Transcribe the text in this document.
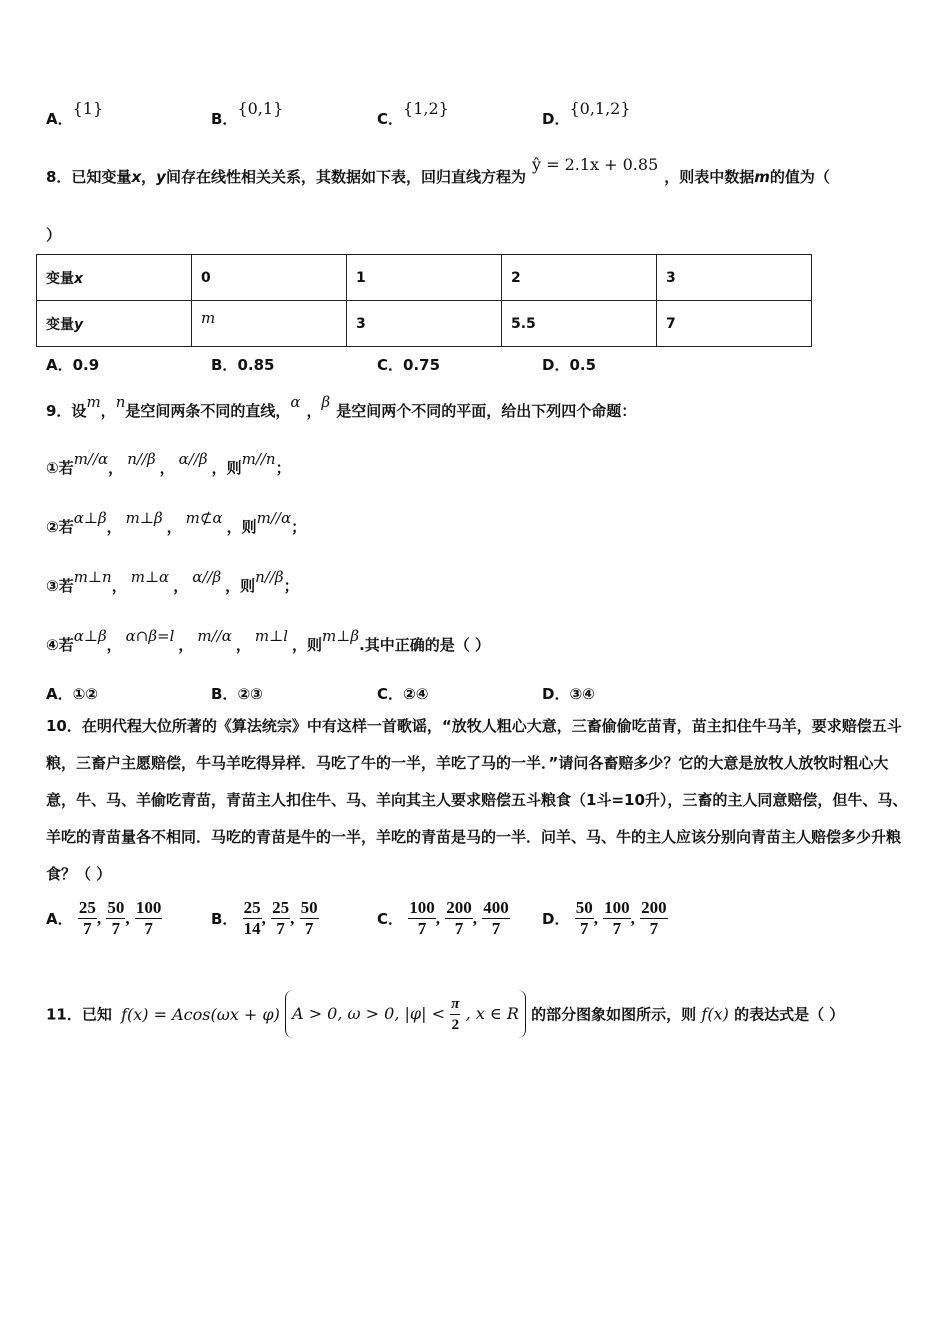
A．{1}
B．{0,1}
C．{1,2}
D．{0,1,2}
8．已知变量x，y间存在线性相关关系，其数据如下表，回归直线方程为ŷ = 2.1x + 0.85，则表中数据m的值为（
）
变量x	0	1	2	3
变量y	m	3	5.5	7
A．0.9	B．0.85	C．0.75	D．0.5
9．设m，n是空间两条不同的直线，α ，β 是空间两个不同的平面，给出下列四个命题：
①若m//α， n//β ， α//β ，则m//n；
②若α⊥β， m⊥β ， m⊄α ，则m//α；
③若m⊥n， m⊥α ， α//β ，则n//β；
④若α⊥β， α∩β=l ， m//α ， m⊥l ，则m⊥β.其中正确的是（ ）
A．①②	B．②③	C．②④	D．③④
10．在明代程大位所著的《算法统宗》中有这样一首歌谣，“放牧人粗心大意，三畜偷偷吃苗青，苗主扣住牛马羊，要求赔偿五斗粮，三畜户主愿赔偿，牛马羊吃得异样．马吃了牛的一半，羊吃了马的一半．”请问各畜赔多少？它的大意是放牧人放牧时粗心大意，牛、马、羊偷吃青苗，青苗主人扣住牛、马、羊向其主人要求赔偿五斗粮食（1斗=10升），三畜的主人同意赔偿，但牛、马、羊吃的青苗量各不相同．马吃的青苗是牛的一半，羊吃的青苗是马的一半．问羊、马、牛的主人应该分别向青苗主人赔偿多少升粮食？（ ）
A． $\frac{25}{7}$ , $\frac{50}{7}$ , $\frac{100}{7}$	B． $\frac{25}{14}$ , $\frac{25}{7}$ , $\frac{50}{7}$	C． $\frac{100}{7}$ , $\frac{200}{7}$ , $\frac{400}{7}$ D． $\frac{50}{7}$ , $\frac{100}{7}$ , $\frac{200}{7}$
11．已知 f(x) = Acos(ωx + φ) A > 0, ω > 0, $|\varphi| < \frac{\pi}{2}$ , x ∈ R 的部分图象如图所示，则 f(x) 的表达式是（ ）
